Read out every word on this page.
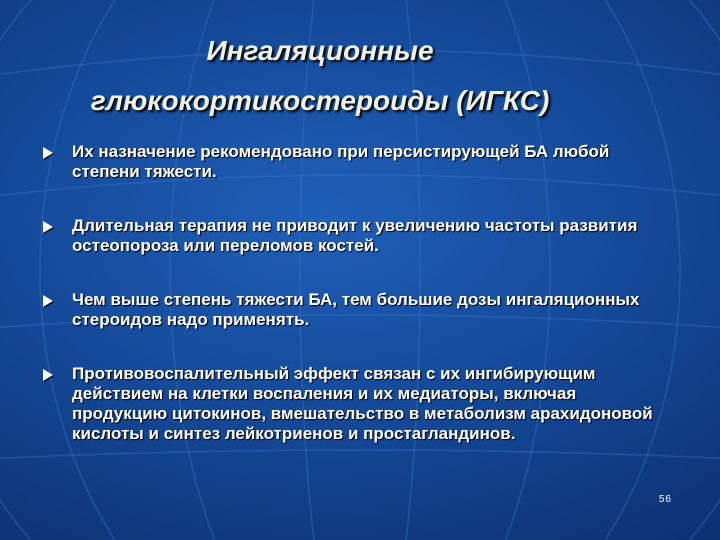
Ингаляционные
глюкокортикостероиды (ИГКС)
Их назначение рекомендовано при персистирующей БА любой степени тяжести.
Длительная терапия не приводит к увеличению частоты развития остеопороза или переломов костей.
Чем выше степень тяжести БА, тем большие дозы ингаляционных стероидов надо применять.
Противовоспалительный эффект связан с их ингибирующим действием на клетки воспаления и их медиаторы, включая продукцию цитокинов, вмешательство в метаболизм арахидоновой кислоты и синтез лейкотриенов и простагландинов.
56
